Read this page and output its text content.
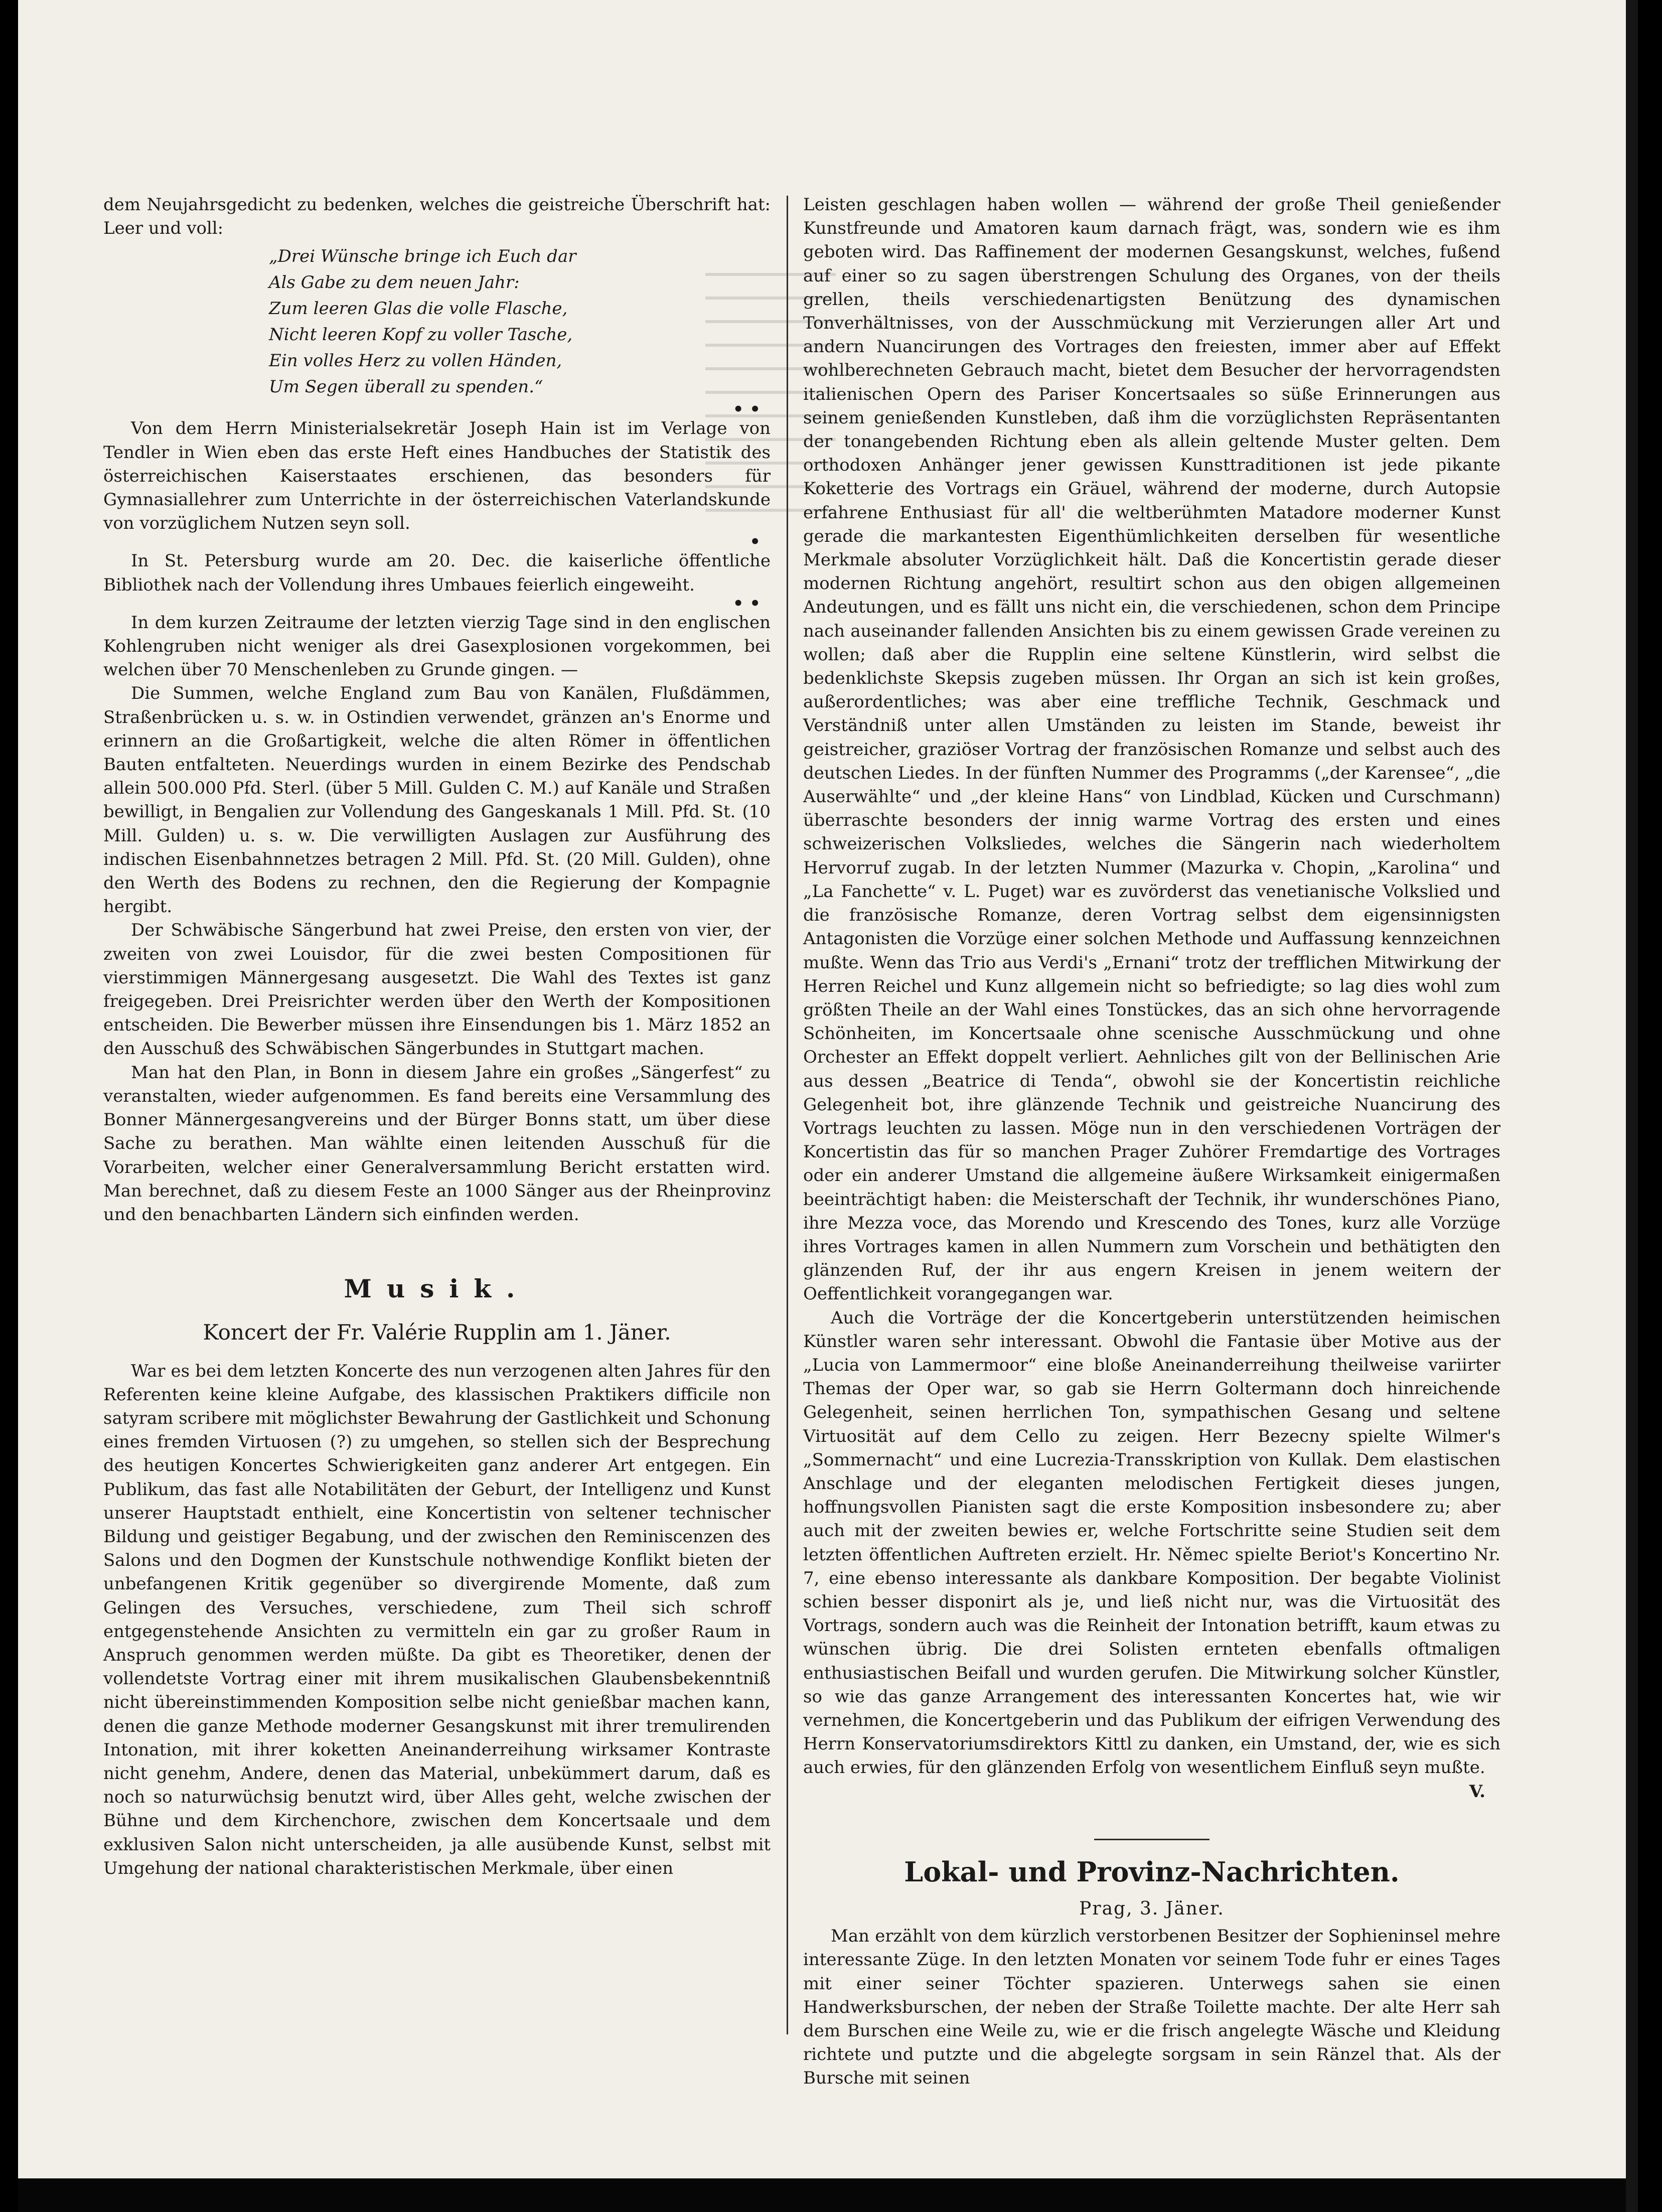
dem Neujahrsgedicht zu bedenken, welches die geistreiche Überschrift hat: Leer und voll:

„Drei Wünsche bringe ich Euch dar
Als Gabe zu dem neuen Jahr:
Zum leeren Glas die volle Flasche,
Nicht leeren Kopf zu voller Tasche,
Ein volles Herz zu vollen Händen,
Um Segen überall zu spenden.“
• •

Von dem Herrn Ministerialsekretär Joseph Hain ist im Verlage von Tendler in Wien eben das erste Heft eines Handbuches der Statistik des österreichischen Kaiserstaates erschienen, das besonders für Gymnasiallehrer zum Unterrichte in der österreichischen Vaterlandskunde von vorzüglichem Nutzen seyn soll.

•

In St. Petersburg wurde am 20. Dec. die kaiserliche öffentliche Bibliothek nach der Vollendung ihres Umbaues feierlich eingeweiht.

• •

In dem kurzen Zeitraume der letzten vierzig Tage sind in den englischen Kohlengruben nicht weniger als drei Gasexplosionen vorgekommen, bei welchen über 70 Menschenleben zu Grunde gingen. —

Die Summen, welche England zum Bau von Kanälen, Flußdämmen, Straßenbrücken u. s. w. in Ostindien verwendet, gränzen an's Enorme und erinnern an die Großartigkeit, welche die alten Römer in öffentlichen Bauten entfalteten. Neuerdings wurden in einem Bezirke des Pendschab allein 500.000 Pfd. Sterl. (über 5 Mill. Gulden C. M.) auf Kanäle und Straßen bewilligt, in Bengalien zur Vollendung des Gangeskanals 1 Mill. Pfd. St. (10 Mill. Gulden) u. s. w. Die verwilligten Auslagen zur Ausführung des indischen Eisenbahnnetzes betragen 2 Mill. Pfd. St. (20 Mill. Gulden), ohne den Werth des Bodens zu rechnen, den die Regierung der Kompagnie hergibt.

Der Schwäbische Sängerbund hat zwei Preise, den ersten von vier, der zweiten von zwei Louisdor, für die zwei besten Compositionen für vierstimmigen Männergesang ausgesetzt. Die Wahl des Textes ist ganz freigegeben. Drei Preisrichter werden über den Werth der Kompositionen entscheiden. Die Bewerber müssen ihre Einsendungen bis 1. März 1852 an den Ausschuß des Schwäbischen Sängerbundes in Stuttgart machen.

Man hat den Plan, in Bonn in diesem Jahre ein großes „Sängerfest“ zu veranstalten, wieder aufgenommen. Es fand bereits eine Versammlung des Bonner Männergesangvereins und der Bürger Bonns statt, um über diese Sache zu berathen. Man wählte einen leitenden Ausschuß für die Vorarbeiten, welcher einer Generalversammlung Bericht erstatten wird. Man berechnet, daß zu diesem Feste an 1000 Sänger aus der Rheinprovinz und den benachbarten Ländern sich einfinden werden.

Musik.
Koncert der Fr. Valérie Rupplin am 1. Jäner.

War es bei dem letzten Koncerte des nun verzogenen alten Jahres für den Referenten keine kleine Aufgabe, des klassischen Praktikers difficile non satyram scribere mit möglichster Bewahrung der Gastlichkeit und Schonung eines fremden Virtuosen (?) zu umgehen, so stellen sich der Besprechung des heutigen Koncertes Schwierigkeiten ganz anderer Art entgegen. Ein Publikum, das fast alle Notabilitäten der Geburt, der Intelligenz und Kunst unserer Hauptstadt enthielt, eine Koncertistin von seltener technischer Bildung und geistiger Begabung, und der zwischen den Reminiscenzen des Salons und den Dogmen der Kunstschule nothwendige Konflikt bieten der unbefangenen Kritik gegenüber so divergirende Momente, daß zum Gelingen des Versuches, verschiedene, zum Theil sich schroff entgegenstehende Ansichten zu vermitteln ein gar zu großer Raum in Anspruch genommen werden müßte. Da gibt es Theoretiker, denen der vollendetste Vortrag einer mit ihrem musikalischen Glaubensbekenntniß nicht übereinstimmenden Komposition selbe nicht genießbar machen kann, denen die ganze Methode moderner Gesangskunst mit ihrer tremulirenden Intonation, mit ihrer koketten Aneinanderreihung wirksamer Kontraste nicht genehm, Andere, denen das Material, unbekümmert darum, daß es noch so naturwüchsig benutzt wird, über Alles geht, welche zwischen der Bühne und dem Kirchenchore, zwischen dem Koncertsaale und dem exklusiven Salon nicht unterscheiden, ja alle ausübende Kunst, selbst mit Umgehung der national charakteristischen Merkmale, über einen

Leisten geschlagen haben wollen — während der große Theil genießender Kunstfreunde und Amatoren kaum darnach frägt, was, sondern wie es ihm geboten wird. Das Raffinement der modernen Gesangskunst, welches, fußend auf einer so zu sagen überstrengen Schulung des Organes, von der theils grellen, theils verschiedenartigsten Benützung des dynamischen Tonverhältnisses, von der Ausschmückung mit Verzierungen aller Art und andern Nuancirungen des Vortrages den freiesten, immer aber auf Effekt wohlberechneten Gebrauch macht, bietet dem Besucher der hervorragendsten italienischen Opern des Pariser Koncertsaales so süße Erinnerungen aus seinem genießenden Kunstleben, daß ihm die vorzüglichsten Repräsentanten der tonangebenden Richtung eben als allein geltende Muster gelten. Dem orthodoxen Anhänger jener gewissen Kunsttraditionen ist jede pikante Koketterie des Vortrags ein Gräuel, während der moderne, durch Autopsie erfahrene Enthusiast für all' die weltberühmten Matadore moderner Kunst gerade die markantesten Eigenthümlichkeiten derselben für wesentliche Merkmale absoluter Vorzüglichkeit hält. Daß die Koncertistin gerade dieser modernen Richtung angehört, resultirt schon aus den obigen allgemeinen Andeutungen, und es fällt uns nicht ein, die verschiedenen, schon dem Principe nach auseinander fallenden Ansichten bis zu einem gewissen Grade vereinen zu wollen; daß aber die Rupplin eine seltene Künstlerin, wird selbst die bedenklichste Skepsis zugeben müssen. Ihr Organ an sich ist kein großes, außerordentliches; was aber eine treffliche Technik, Geschmack und Verständniß unter allen Umständen zu leisten im Stande, beweist ihr geistreicher, graziöser Vortrag der französischen Romanze und selbst auch des deutschen Liedes. In der fünften Nummer des Programms („der Karensee“, „die Auserwählte“ und „der kleine Hans“ von Lindblad, Kücken und Curschmann) überraschte besonders der innig warme Vortrag des ersten und eines schweizerischen Volksliedes, welches die Sängerin nach wiederholtem Hervorruf zugab. In der letzten Nummer (Mazurka v. Chopin, „Karolina“ und „La Fanchette“ v. L. Puget) war es zuvörderst das venetianische Volkslied und die französische Romanze, deren Vortrag selbst dem eigensinnigsten Antagonisten die Vorzüge einer solchen Methode und Auffassung kennzeichnen mußte. Wenn das Trio aus Verdi's „Ernani“ trotz der trefflichen Mitwirkung der Herren Reichel und Kunz allgemein nicht so befriedigte; so lag dies wohl zum größten Theile an der Wahl eines Tonstückes, das an sich ohne hervorragende Schönheiten, im Koncertsaale ohne scenische Ausschmückung und ohne Orchester an Effekt doppelt verliert. Aehnliches gilt von der Bellinischen Arie aus dessen „Beatrice di Tenda“, obwohl sie der Koncertistin reichliche Gelegenheit bot, ihre glänzende Technik und geistreiche Nuancirung des Vortrags leuchten zu lassen. Möge nun in den verschiedenen Vorträgen der Koncertistin das für so manchen Prager Zuhörer Fremdartige des Vortrages oder ein anderer Umstand die allgemeine äußere Wirksamkeit einigermaßen beeinträchtigt haben: die Meisterschaft der Technik, ihr wunderschönes Piano, ihre Mezza voce, das Morendo und Krescendo des Tones, kurz alle Vorzüge ihres Vortrages kamen in allen Nummern zum Vorschein und bethätigten den glänzenden Ruf, der ihr aus engern Kreisen in jenem weitern der Oeffentlichkeit vorangegangen war.

Auch die Vorträge der die Koncertgeberin unterstützenden heimischen Künstler waren sehr interessant. Obwohl die Fantasie über Motive aus der „Lucia von Lammermoor“ eine bloße Aneinanderreihung theilweise variirter Themas der Oper war, so gab sie Herrn Goltermann doch hinreichende Gelegenheit, seinen herrlichen Ton, sympathischen Gesang und seltene Virtuosität auf dem Cello zu zeigen. Herr Bezecny spielte Wilmer's „Sommernacht“ und eine Lucrezia-Transskription von Kullak. Dem elastischen Anschlage und der eleganten melodischen Fertigkeit dieses jungen, hoffnungsvollen Pianisten sagt die erste Komposition insbesondere zu; aber auch mit der zweiten bewies er, welche Fortschritte seine Studien seit dem letzten öffentlichen Auftreten erzielt. Hr. Němec spielte Beriot's Koncertino Nr. 7, eine ebenso interessante als dankbare Komposition. Der begabte Violinist schien besser disponirt als je, und ließ nicht nur, was die Virtuosität des Vortrags, sondern auch was die Reinheit der Intonation betrifft, kaum etwas zu wünschen übrig. Die drei Solisten ernteten ebenfalls oftmaligen enthusiastischen Beifall und wurden gerufen. Die Mitwirkung solcher Künstler, so wie das ganze Arrangement des interessanten Koncertes hat, wie wir vernehmen, die Koncertgeberin und das Publikum der eifrigen Verwendung des Herrn Konservatoriumsdirektors Kittl zu danken, ein Umstand, der, wie es sich auch erwies, für den glänzenden Erfolg von wesentlichem Einfluß seyn mußte.

V.
Lokal- und Provinz-Nachrichten.
Prag, 3. Jäner.

Man erzählt von dem kürzlich verstorbenen Besitzer der Sophieninsel mehre interessante Züge. In den letzten Monaten vor seinem Tode fuhr er eines Tages mit einer seiner Töchter spazieren. Unterwegs sahen sie einen Handwerksburschen, der neben der Straße Toilette machte. Der alte Herr sah dem Burschen eine Weile zu, wie er die frisch angelegte Wäsche und Kleidung richtete und putzte und die abgelegte sorgsam in sein Ränzel that. Als der Bursche mit seinen
